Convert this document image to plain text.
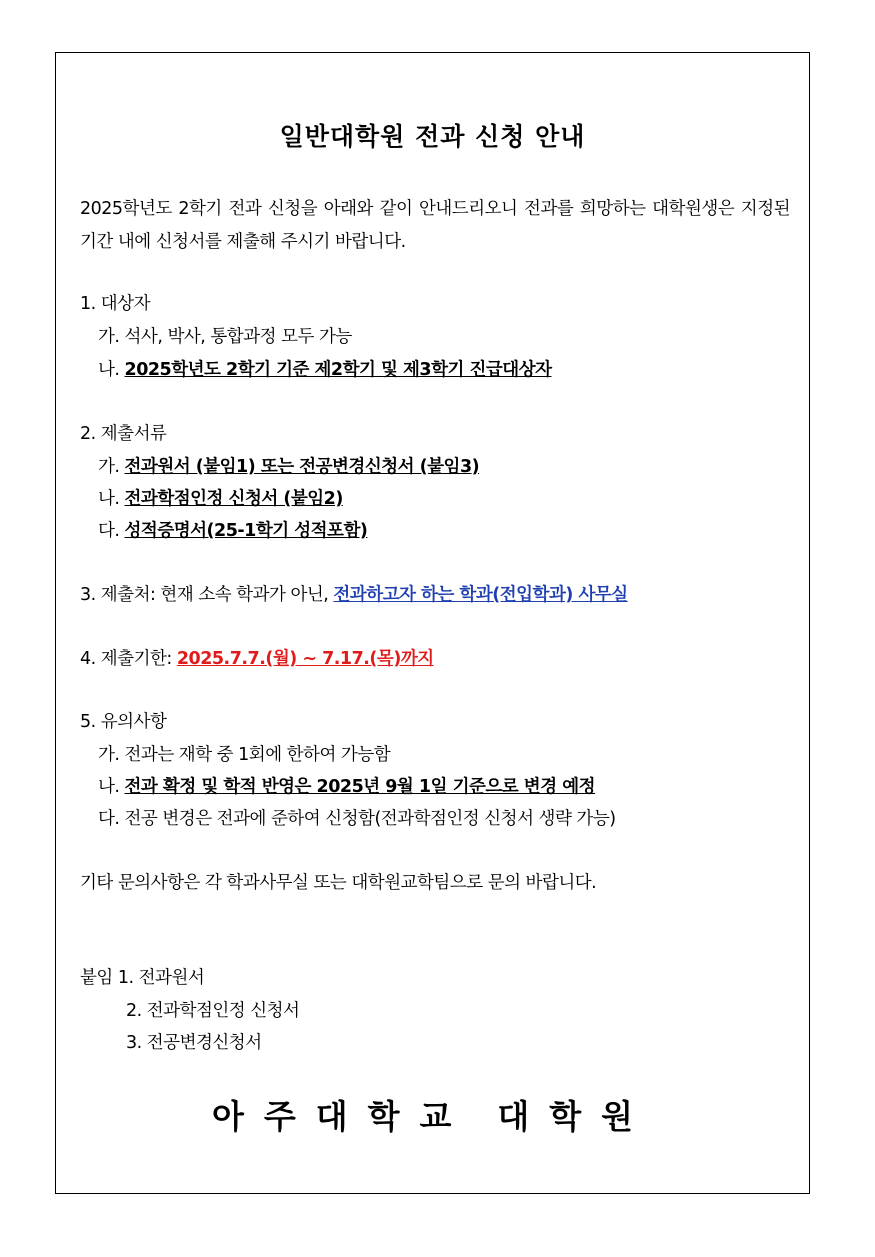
일반대학원 전과 신청 안내
2025학년도 2학기 전과 신청을 아래와 같이 안내드리오니 전과를 희망하는 대학원생은 지정된 기간 내에 신청서를 제출해 주시기 바랍니다.
1. 대상자
가. 석사, 박사, 통합과정 모두 가능
나. 2025학년도 2학기 기준 제2학기 및 제3학기 진급대상자
2. 제출서류
가. 전과원서 (붙임1) 또는 전공변경신청서 (붙임3)
나. 전과학점인정 신청서 (붙임2)
다. 성적증명서(25-1학기 성적포함)
3. 제출처: 현재 소속 학과가 아닌, 전과하고자 하는 학과(전입학과) 사무실
4. 제출기한: 2025.7.7.(월) ~ 7.17.(목)까지
5. 유의사항
가. 전과는 재학 중 1회에 한하여 가능함
나. 전과 확정 및 학적 반영은 2025년 9월 1일 기준으로 변경 예정
다. 전공 변경은 전과에 준하여 신청함(전과학점인정 신청서 생략 가능)
기타 문의사항은 각 학과사무실 또는 대학원교학팀으로 문의 바랍니다.
붙임 1. 전과원서
2. 전과학점인정 신청서
3. 전공변경신청서
아주대학교 대학원
